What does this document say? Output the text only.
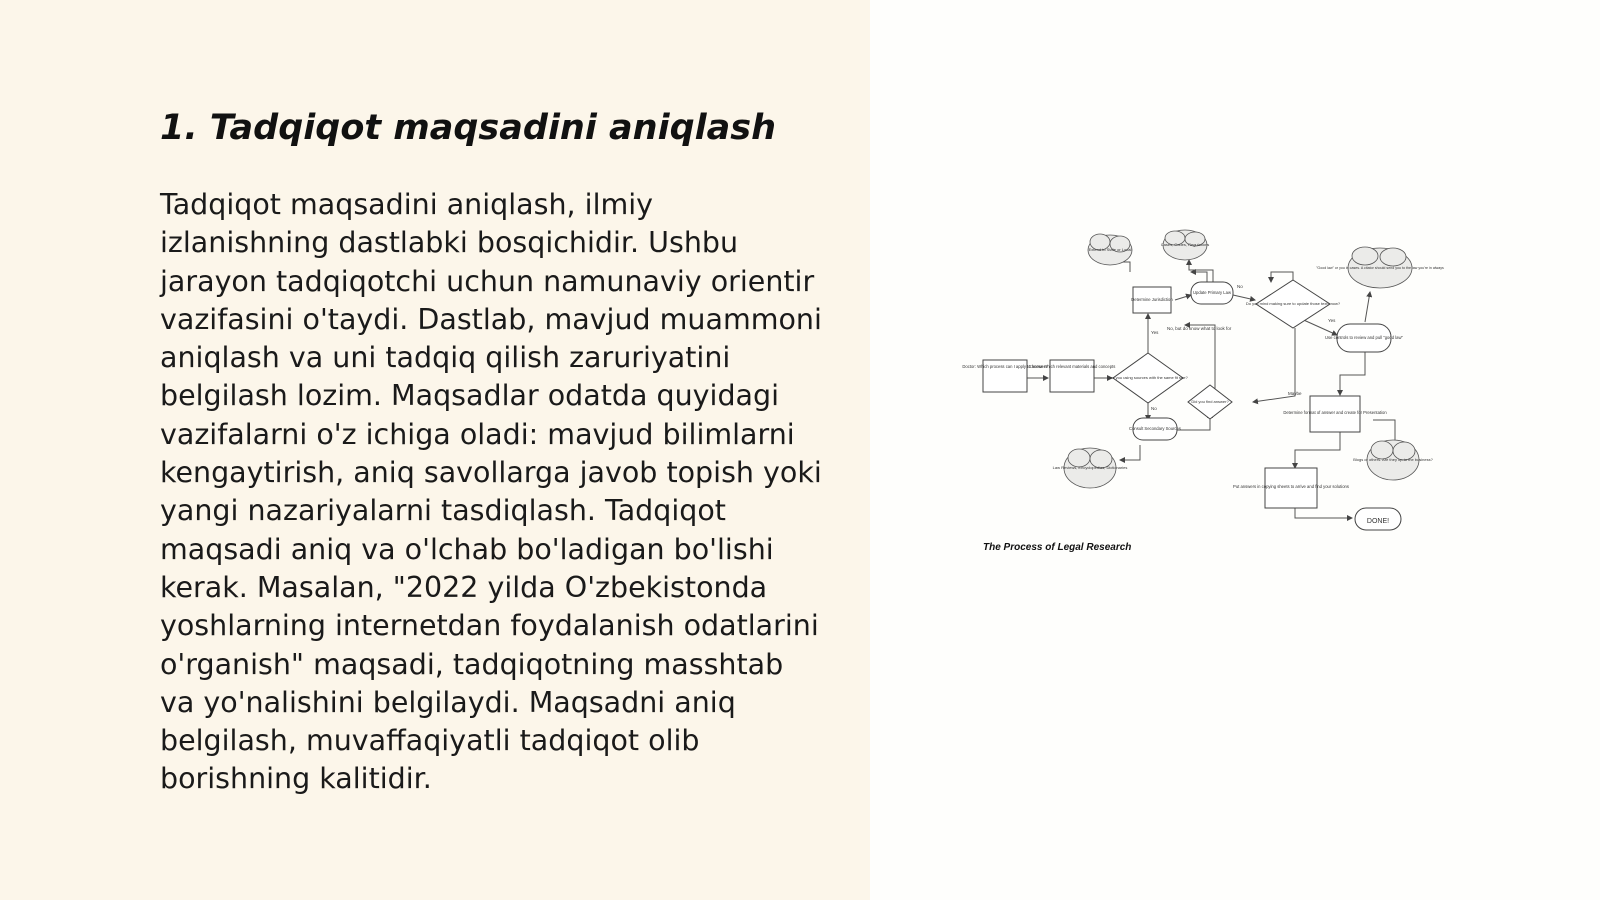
1. Tadqiqot maqsadini aniqlash

Tadqiqot maqsadini aniqlash, ilmiy izlanishning dastlabki bosqichidir. Ushbu jarayon tadqiqotchi uchun namunaviy orientir vazifasini o'taydi. Dastlab, mavjud muammoni aniqlash va uni tadqiq qilish zaruriyatini belgilash lozim. Maqsadlar odatda quyidagi vazifalarni o'z ichiga oladi: mavjud bilimlarni kengaytirish, aniq savollarga javob topish yoki yangi nazariyalarni tasdiqlash. Tadqiqot maqsadi aniq va o'lchab bo'ladigan bo'lishi kerak. Masalan, "2022 yilda O'zbekistonda yoshlarning internetdan foydalanish odatlarini o'rganish" maqsadi, tadqiqotning masshtab va yo'nalishini belgilaydi. Maqsadni aniq belgilash, muvaffaqiyatli tadqiqot olib borishning kalitidir.

Doctor: Which process can I apply to answer?
Choose which relevant materials and concepts
Are you using sources with the same fit see?
Determine Jurisdiction
Update Primary Law
Do you mind making sure to update those texts now?
Consult Secondary Sources
Did you find answer?
Use controls to review and pull "good law"
Determine format of answer and create for Presentation
Put answers in copying sheets to arrive and find your solutions
DONE!
Extend to State or Local
Cases, Codes, Regulations
"Good law" or you in cases. A citator should send you to the law you're in always
Law Reviews, Encyclopedias, Dictionaries
Blogs or others. Are they up to the business?
Yes
No, but do know what to look for
No
Yes
Maybe
No
The Process of Legal Research
